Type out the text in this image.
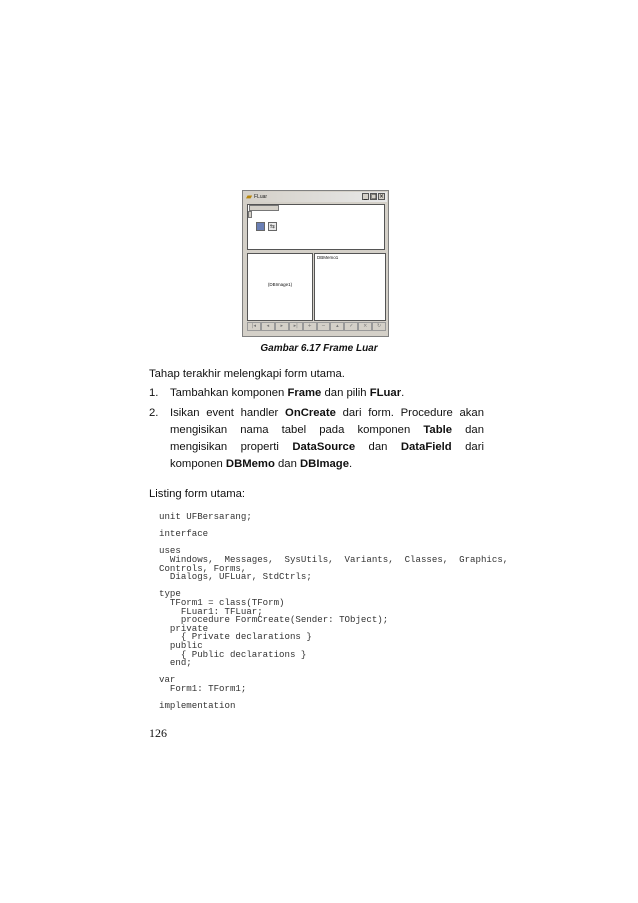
▰ FLuar	_ □ ×
⇆
(DBImage1)
DBMemo1
|◂	◂	▸	▸|	+	−	▴	✓	×	↻
Gambar 6.17 Frame Luar
Tahap terakhir melengkapi form utama.
1. Tambahkan komponen Frame dan pilih FLuar.
2. Isikan event handler OnCreate dari form. Procedure akan mengisikan nama tabel pada komponen Table dan mengisikan properti DataSource dan DataField dari komponen DBMemo dan DBImage.
Listing form utama:
unit UFBersarang;

interface

uses
Windows,  Messages,  SysUtils,  Variants,  Classes,  Graphics,
Controls, Forms,
Dialogs, UFLuar, StdCtrls;

type
TForm1 = class(TForm)
FLuar1: TFLuar;
procedure FormCreate(Sender: TObject);
private
{ Private declarations }
public
{ Public declarations }
end;

var
Form1: TForm1;

implementation
126
